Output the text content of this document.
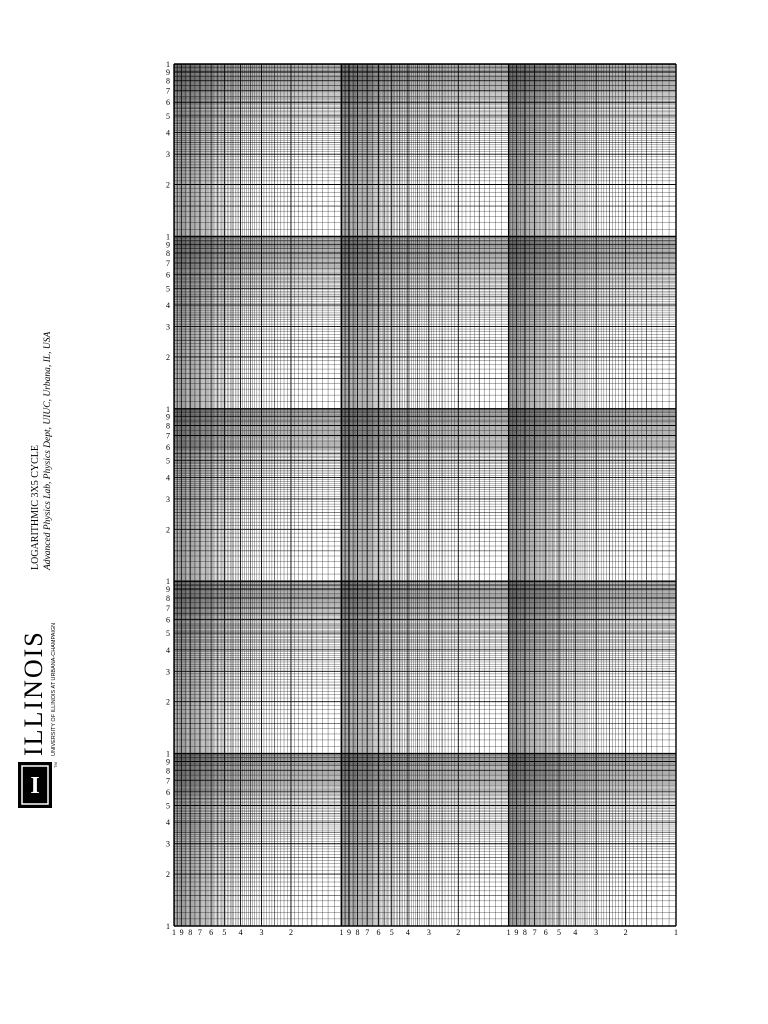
I
ILLINOIS UNIVERSITY OF ILLINOIS AT URBANA-CHAMPAIGN
TM
LOGARITHMIC 3X5 CYCLE Advanced Physics Lab, Physics Dept, UIUC, Urbana, IL, USA
1
2
3
4
5
6
7
8
9
1
2
3
4
5
6
7
8
9
1
2
3
4
5
6
7
8
9
1
2
3
4
5
6
7
8
9
1
2
3
4
5
6
7
8
9
1
1 9 8 7 6 5 4 3	2
1 9 8 7 6 5 4 3	2
1 9 8 7 6 5 4 3	2	1
